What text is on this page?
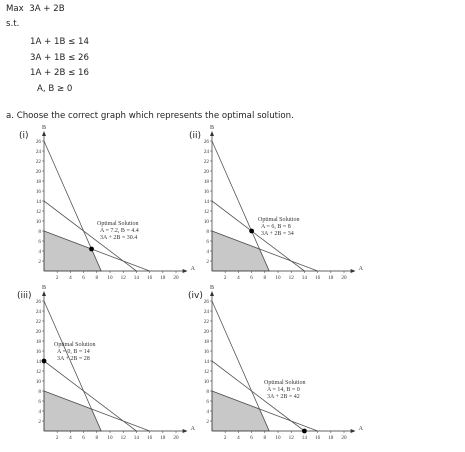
Max  3A + 2B
s.t.
1A + 1B ≤ 14
3A + 1B ≤ 26
1A + 2B ≤ 16
A, B ≥ 0
a. Choose the correct graph which represents the optimal solution.
(i)	(ii)
(iii)	(iv)
A
B
2 4 6 8 10 12 14 16 18 20
2
4
6
8
10
12
14
16
18
20
22
24
26
Optimal Solution
A = 7.2, B = 4.4
3A + 2B = 30.4
A
B
2 4 6 8 10 12 14 16 18 20
2
4
6
8
10
12
14
16
18
20
22
24
26
Optimal Solution
A = 6, B = 8
3A + 2B = 34
A
B
2 4 6 8 10 12 14 16 18 20
2
4
6
8
10
12
14
16
18
20
22
24
26
Optimal Solution
A = 0, B = 14
3A + 2B = 28
A
B
2 4 6 8 10 12 14 16 18 20
2
4
6
8
10
12
14
16
18
20
22
24
26
Optimal Solution
A = 14, B = 0
3A + 2B = 42
